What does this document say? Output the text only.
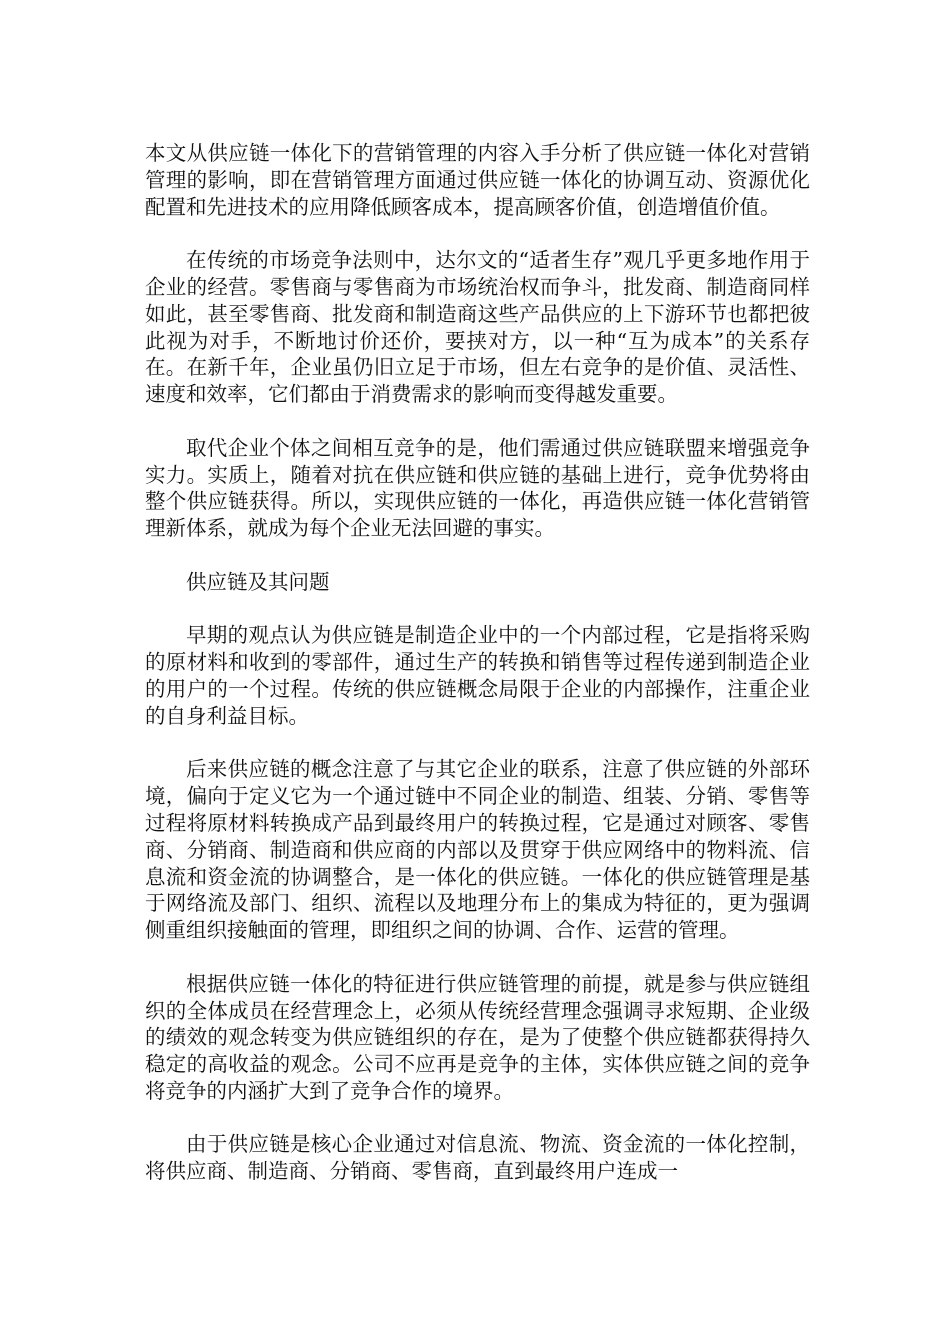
本文从供应链一体化下的营销管理的内容入手分析了供应链一体化对营销管理的影响，即在营销管理方面通过供应链一体化的协调互动、资源优化配置和先进技术的应用降低顾客成本，提高顾客价值，创造增值价值。

在传统的市场竞争法则中，达尔文的“适者生存”观几乎更多地作用于企业的经营。零售商与零售商为市场统治权而争斗，批发商、制造商同样如此，甚至零售商、批发商和制造商这些产品供应的上下游环节也都把彼此视为对手，不断地讨价还价，要挟对方，以一种“互为成本”的关系存在。在新千年，企业虽仍旧立足于市场，但左右竞争的是价值、灵活性、速度和效率，它们都由于消费需求的影响而变得越发重要。

取代企业个体之间相互竞争的是，他们需通过供应链联盟来增强竞争实力。实质上，随着对抗在供应链和供应链的基础上进行，竞争优势将由整个供应链获得。所以，实现供应链的一体化，再造供应链一体化营销管理新体系，就成为每个企业无法回避的事实。

供应链及其问题

早期的观点认为供应链是制造企业中的一个内部过程，它是指将采购的原材料和收到的零部件，通过生产的转换和销售等过程传递到制造企业的用户的一个过程。传统的供应链概念局限于企业的内部操作，注重企业的自身利益目标。

后来供应链的概念注意了与其它企业的联系，注意了供应链的外部环境，偏向于定义它为一个通过链中不同企业的制造、组装、分销、零售等过程将原材料转换成产品到最终用户的转换过程，它是通过对顾客、零售商、分销商、制造商和供应商的内部以及贯穿于供应网络中的物料流、信息流和资金流的协调整合，是一体化的供应链。一体化的供应链管理是基于网络流及部门、组织、流程以及地理分布上的集成为特征的，更为强调侧重组织接触面的管理，即组织之间的协调、合作、运营的管理。

根据供应链一体化的特征进行供应链管理的前提，就是参与供应链组织的全体成员在经营理念上，必须从传统经营理念强调寻求短期、企业级的绩效的观念转变为供应链组织的存在，是为了使整个供应链都获得持久稳定的高收益的观念。公司不应再是竞争的主体，实体供应链之间的竞争将竞争的内涵扩大到了竞争合作的境界。

由于供应链是核心企业通过对信息流、物流、资金流的一体化控制，将供应商、制造商、分销商、零售商，直到最终用户连成一
